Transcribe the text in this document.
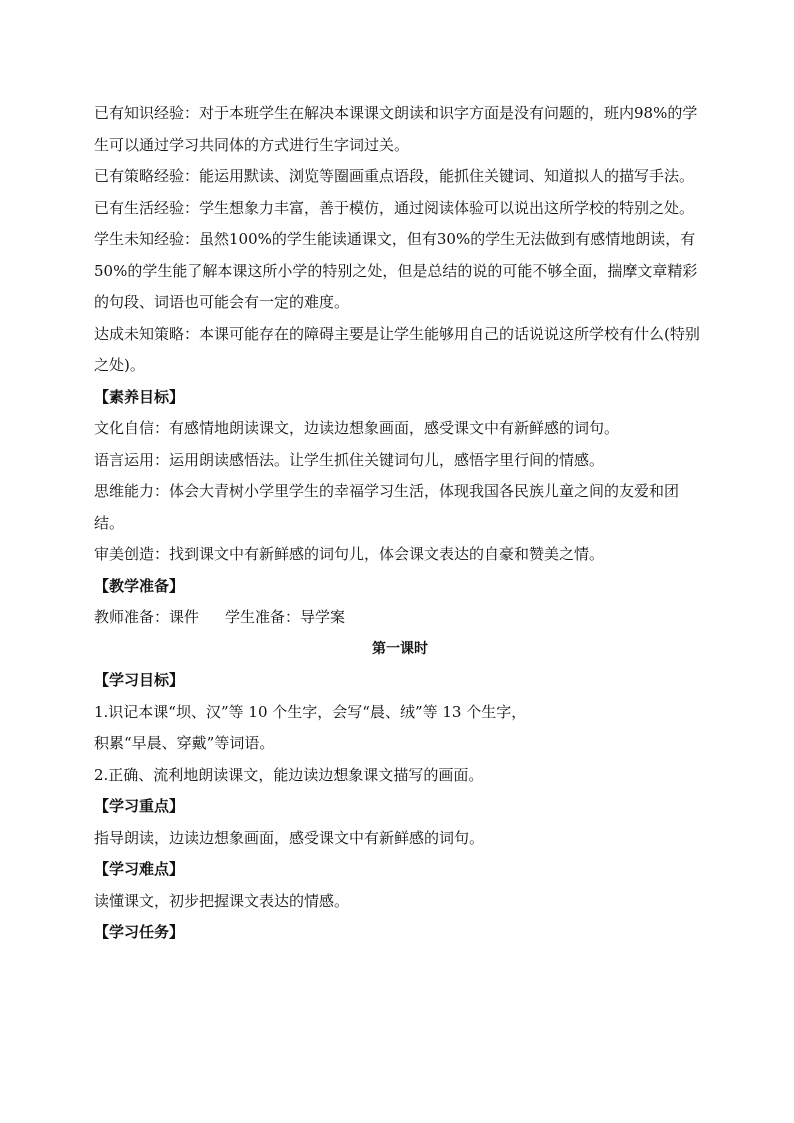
已有知识经验：对于本班学生在解决本课课文朗读和识字方面是没有问题的，班内98%的学生可以通过学习共同体的方式进行生字词过关。

已有策略经验：能运用默读、浏览等圈画重点语段，能抓住关键词、知道拟人的描写手法。

已有生活经验：学生想象力丰富，善于模仿，通过阅读体验可以说出这所学校的特别之处。

学生未知经验：虽然100%的学生能读通课文，但有30%的学生无法做到有感情地朗读，有50%的学生能了解本课这所小学的特别之处，但是总结的说的可能不够全面，揣摩文章精彩的句段、词语也可能会有一定的难度。

达成未知策略：本课可能存在的障碍主要是让学生能够用自己的话说说这所学校有什么(特别之处)。

【素养目标】

文化自信：有感情地朗读课文，边读边想象画面，感受课文中有新鲜感的词句。

语言运用：运用朗读感悟法。让学生抓住关键词句儿，感悟字里行间的情感。

思维能力：体会大青树小学里学生的幸福学习生活，体现我国各民族儿童之间的友爱和团结。

审美创造：找到课文中有新鲜感的词句儿，体会课文表达的自豪和赞美之情。

【教学准备】

教师准备：课件 学生准备：导学案

第一课时

【学习目标】

1.识记本课“坝、汉”等 10 个生字，会写“晨、绒”等 13 个生字，

积累“早晨、穿戴”等词语。

2.正确、流利地朗读课文，能边读边想象课文描写的画面。

【学习重点】

指导朗读，边读边想象画面，感受课文中有新鲜感的词句。

【学习难点】

读懂课文，初步把握课文表达的情感。

【学习任务】
